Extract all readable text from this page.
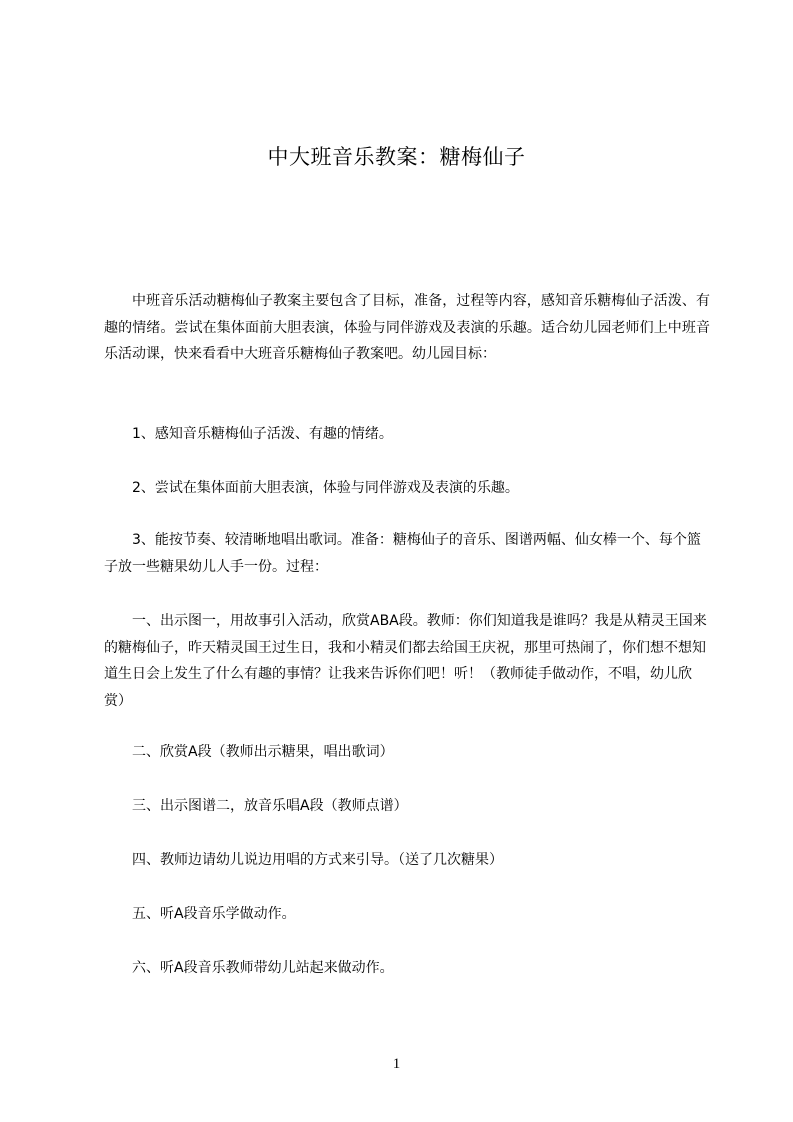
中大班音乐教案：糖梅仙子

中班音乐活动糖梅仙子教案主要包含了目标，准备，过程等内容，感知音乐糖梅仙子活泼、有趣的情绪。尝试在集体面前大胆表演，体验与同伴游戏及表演的乐趣。适合幼儿园老师们上中班音乐活动课，快来看看中大班音乐糖梅仙子教案吧。幼儿园目标：

1、感知音乐糖梅仙子活泼、有趣的情绪。

2、尝试在集体面前大胆表演，体验与同伴游戏及表演的乐趣。

3、能按节奏、较清晰地唱出歌词。准备：糖梅仙子的音乐、图谱两幅、仙女棒一个、每个篮子放一些糖果幼儿人手一份。过程：

一、出示图一，用故事引入活动，欣赏ABA段。教师：你们知道我是谁吗？我是从精灵王国来的糖梅仙子，昨天精灵国王过生日，我和小精灵们都去给国王庆祝，那里可热闹了，你们想不想知道生日会上发生了什么有趣的事情？让我来告诉你们吧！听！（教师徒手做动作，不唱，幼儿欣赏）

二、欣赏A段（教师出示糖果，唱出歌词）

三、出示图谱二，放音乐唱A段（教师点谱）

四、教师边请幼儿说边用唱的方式来引导。（送了几次糖果）

五、听A段音乐学做动作。

六、听A段音乐教师带幼儿站起来做动作。

1
